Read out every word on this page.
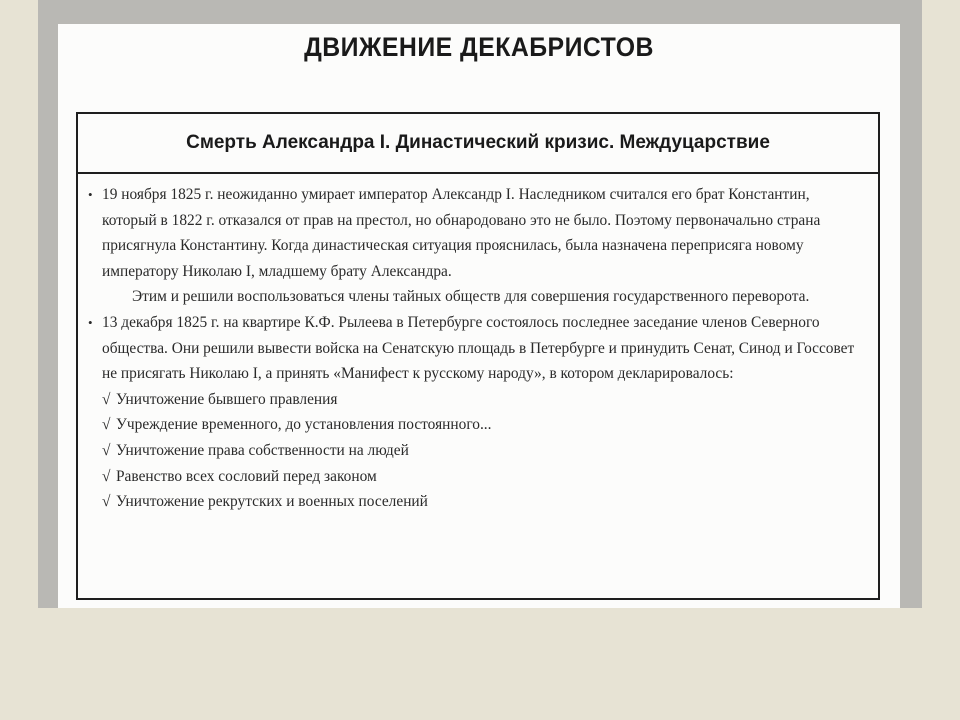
ДВИЖЕНИЕ ДЕКАБРИСТОВ
Смерть Александра I. Династический кризис. Междуцарствие
• 19 ноября 1825 г. неожиданно умирает император Александр I. Наследником считался его брат Константин, который в 1822 г. отказался от прав на престол, но обнародовано это не было. Поэтому первоначально страна присягнула Константину. Когда династическая ситуация прояснилась, была назначена переприсяга новому императору Николаю I, младшему брату Александра.
Этим и решили воспользоваться члены тайных обществ для совершения государственного переворота.
• 13 декабря 1825 г. на квартире К.Ф. Рылеева в Петербурге состоялось последнее заседание членов Северного общества. Они решили вывести войска на Сенатскую площадь в Петербурге и принудить Сенат, Синод и Госсовет не присягать Николаю I, а принять «Манифест к русскому народу», в котором декларировалось:
√ Уничтожение бывшего правления
√ Учреждение временного, до установления постоянного...
√ Уничтожение права собственности на людей
√ Равенство всех сословий перед законом
√ Уничтожение рекрутских и военных поселений
